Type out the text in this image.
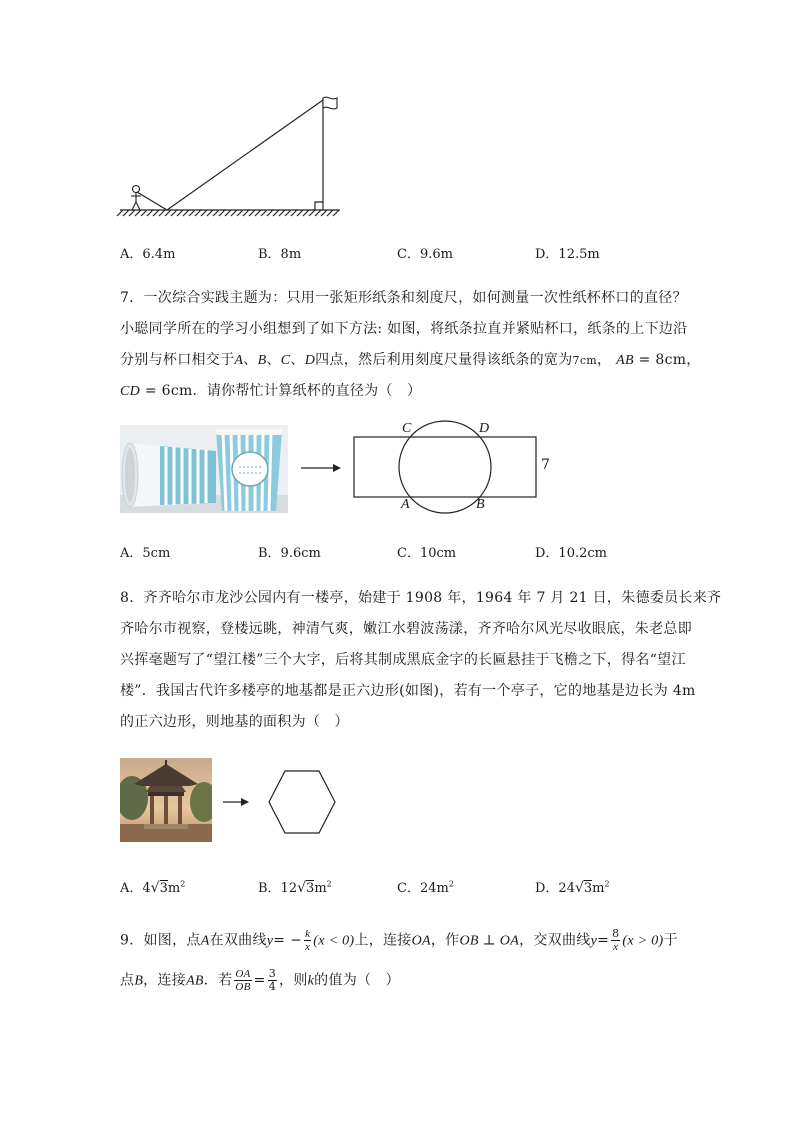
A．6.4m	B．8m	C．9.6m	D．12.5m
7．一次综合实践主题为：只用一张矩形纸条和刻度尺，如何测量一次性纸杯杯口的直径？
小聪同学所在的学习小组想到了如下方法: 如图，将纸条拉直并紧贴杯口，纸条的上下边沿
分别与杯口相交于A、B、C、D四点，然后利用刻度尺量得该纸条的宽为7cm， AB = 8cm，
CD = 6cm．请你帮忙计算纸杯的直径为（　）
C	D
A	B
7
A．5cm	B．9.6cm	C．10cm	D．10.2cm
8．齐齐哈尔市龙沙公园内有一楼亭，始建于 1908 年，1964 年 7 月 21 日，朱德委员长来齐
齐哈尔市视察，登楼远眺，神清气爽，嫩江水碧波荡漾，齐齐哈尔风光尽收眼底，朱老总即
兴挥毫题写了“望江楼”三个大字，后将其制成黑底金字的长匾悬挂于飞檐之下，得名“望江
楼”．我国古代许多楼亭的地基都是正六边形(如图)，若有一个亭子，它的地基是边长为 4m
的正六边形，则地基的面积为（　）
A．$4√3m^2$	B．$12√3m^2$	C．$24m^2$	D．$24√3m^2$
9．如图，点A在双曲线$y= - \frac{k}{x} (x < 0)$上，连接OA，作OB ⊥ OA，交双曲线$y= \frac{8}{x} (x > 0)$于
点B，连接AB．若 $\frac{OA}{OB} = \frac{3}{4}$ ，则k的值为（　）
